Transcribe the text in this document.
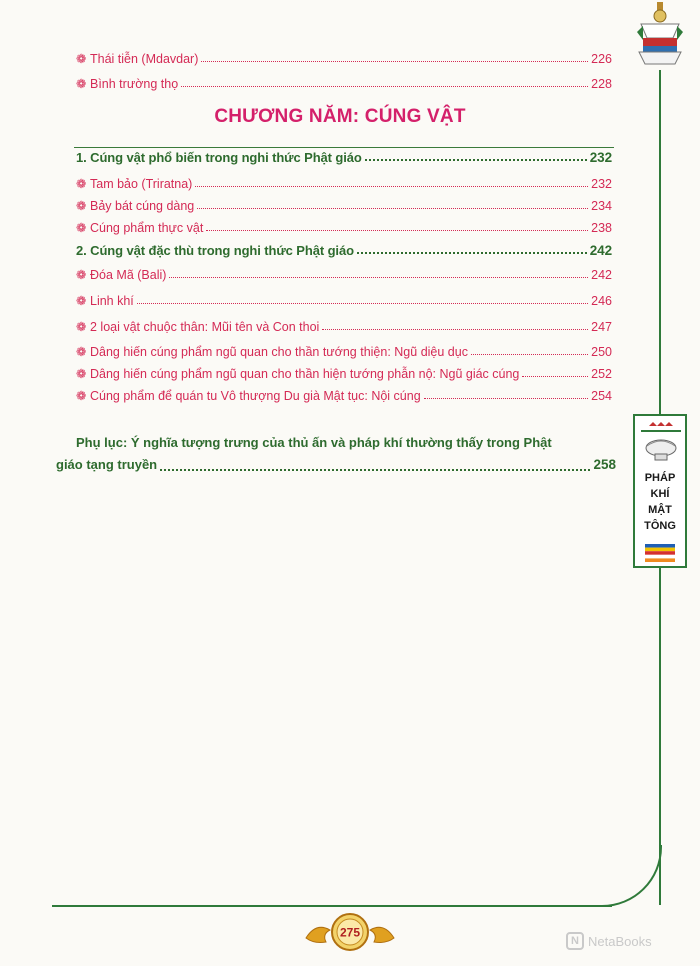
❁ Thái tiễn (Mdavdar)	226
❁ Bình trường thọ	228
CHƯƠNG NĂM: CÚNG VẬT
1. Cúng vật phổ biến trong nghi thức Phật giáo	232
❁ Tam bảo (Triratna)	232
❁ Bảy bát cúng dàng	234
❁ Cúng phẩm thực vật	238
2. Cúng vật đặc thù trong nghi thức Phật giáo	242
❁ Đóa Mã (Bali)	242
❁ Linh khí	246
❁ 2 loại vật chuộc thân: Mũi tên và Con thoi	247
❁ Dâng hiến cúng phẩm ngũ quan cho thần tướng thiện: Ngũ diệu dục	250
❁ Dâng hiến cúng phẩm ngũ quan cho thần hiện tướng phẫn nộ: Ngũ giác cúng	252
❁ Cúng phẩm để quán tu Vô thượng Du già Mật tục: Nội cúng	254
Phụ lục: Ý nghĩa tượng trưng của thủ ấn và pháp khí thường thấy trong Phật
giáo tạng truyền	258
PHÁP
KHÍ
MẬT
TÔNG
275
N NetaBooks
